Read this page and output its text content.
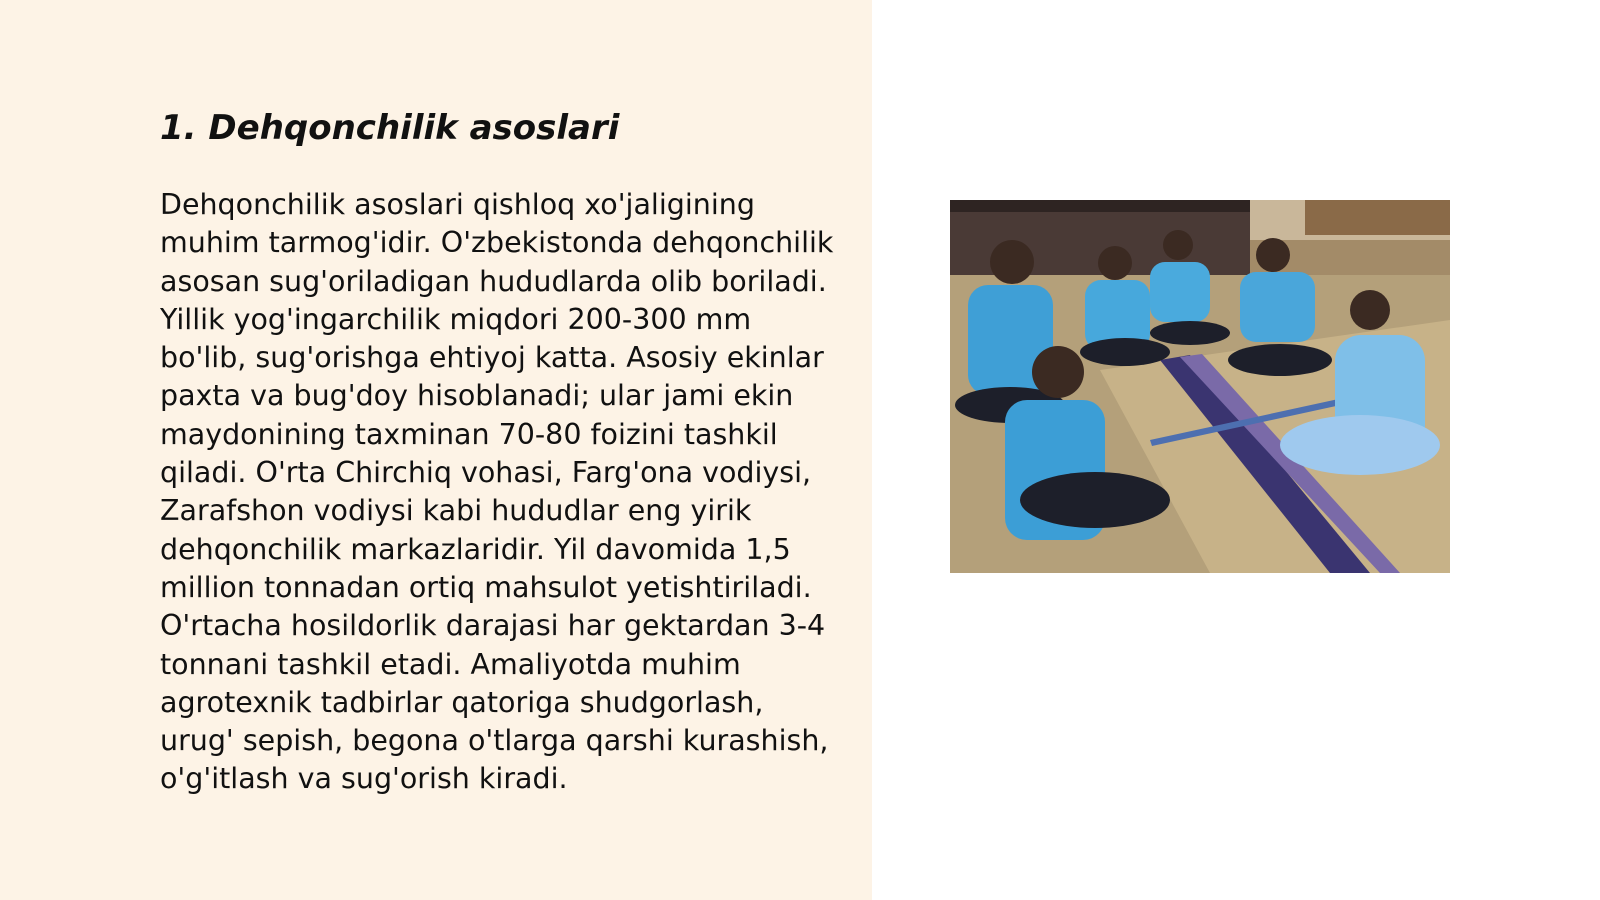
1. Dehqonchilik asoslari

Dehqonchilik asoslari qishloq xo'jaligining muhim tarmog'idir. O'zbekistonda dehqonchilik asosan sug'oriladigan hududlarda olib boriladi. Yillik yog'ingarchilik miqdori 200-300 mm bo'lib, sug'orishga ehtiyoj katta. Asosiy ekinlar paxta va bug'doy hisoblanadi; ular jami ekin maydonining taxminan 70-80 foizini tashkil qiladi. O'rta Chirchiq vohasi, Farg'ona vodiysi, Zarafshon vodiysi kabi hududlar eng yirik dehqonchilik markazlaridir. Yil davomida 1,5 million tonnadan ortiq mahsulot yetishtiriladi. O'rtacha hosildorlik darajasi har gektardan 3-4 tonnani tashkil etadi. Amaliyotda muhim agrotexnik tadbirlar qatoriga shudgorlash, urug' sepish, begona o'tlarga qarshi kurashish, o'g'itlash va sug'orish kiradi.
